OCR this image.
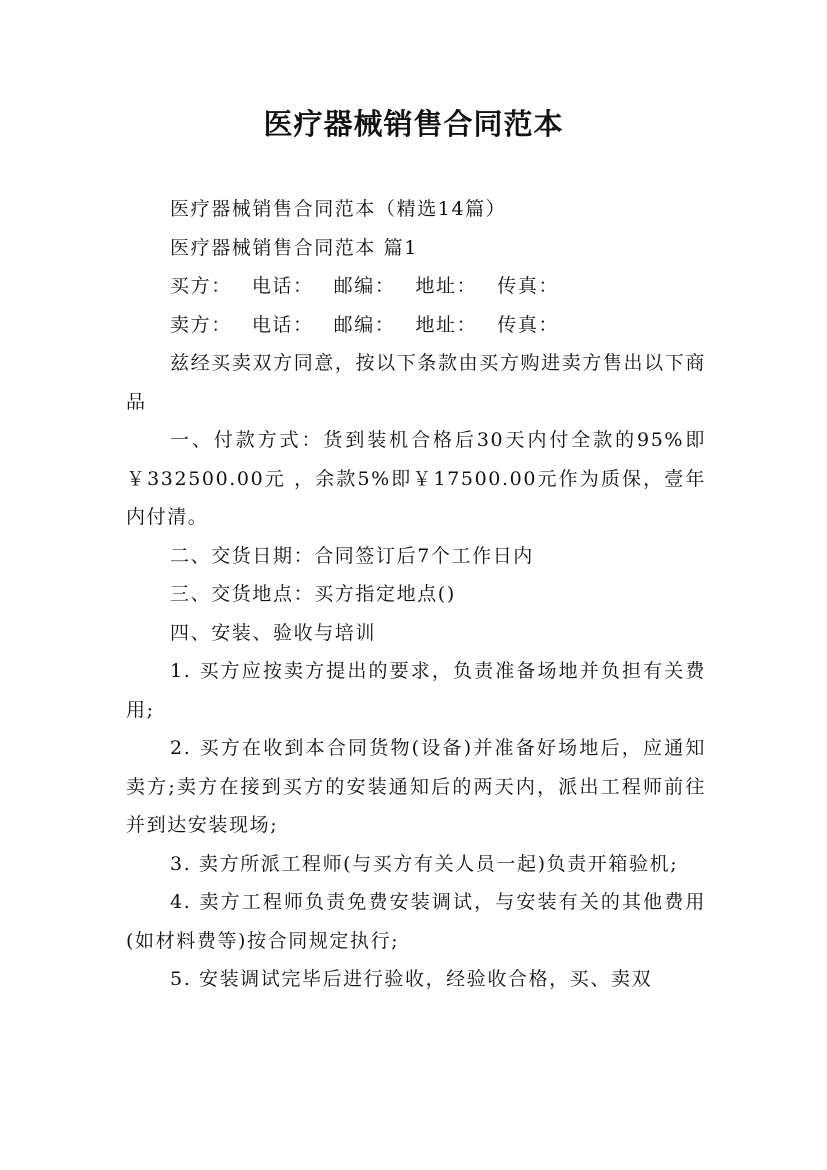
医疗器械销售合同范本

医疗器械销售合同范本（精选14篇）

医疗器械销售合同范本 篇1

买方： 电话： 邮编： 地址： 传真：
卖方： 电话： 邮编： 地址： 传真：

兹经买卖双方同意，按以下条款由买方购进卖方售出以下商品

一、付款方式：货到装机合格后30天内付全款的95%即￥332500.00元 ，余款5%即￥17500.00元作为质保，壹年内付清。

二、交货日期：合同签订后7个工作日内

三、交货地点：买方指定地点()

四、安装、验收与培训

1. 买方应按卖方提出的要求，负责准备场地并负担有关费用;

2. 买方在收到本合同货物(设备)并准备好场地后，应通知卖方;卖方在接到买方的安装通知后的两天内，派出工程师前往并到达安装现场;

3. 卖方所派工程师(与买方有关人员一起)负责开箱验机;

4. 卖方工程师负责免费安装调试，与安装有关的其他费用(如材料费等)按合同规定执行;

5. 安装调试完毕后进行验收，经验收合格，买、卖双
